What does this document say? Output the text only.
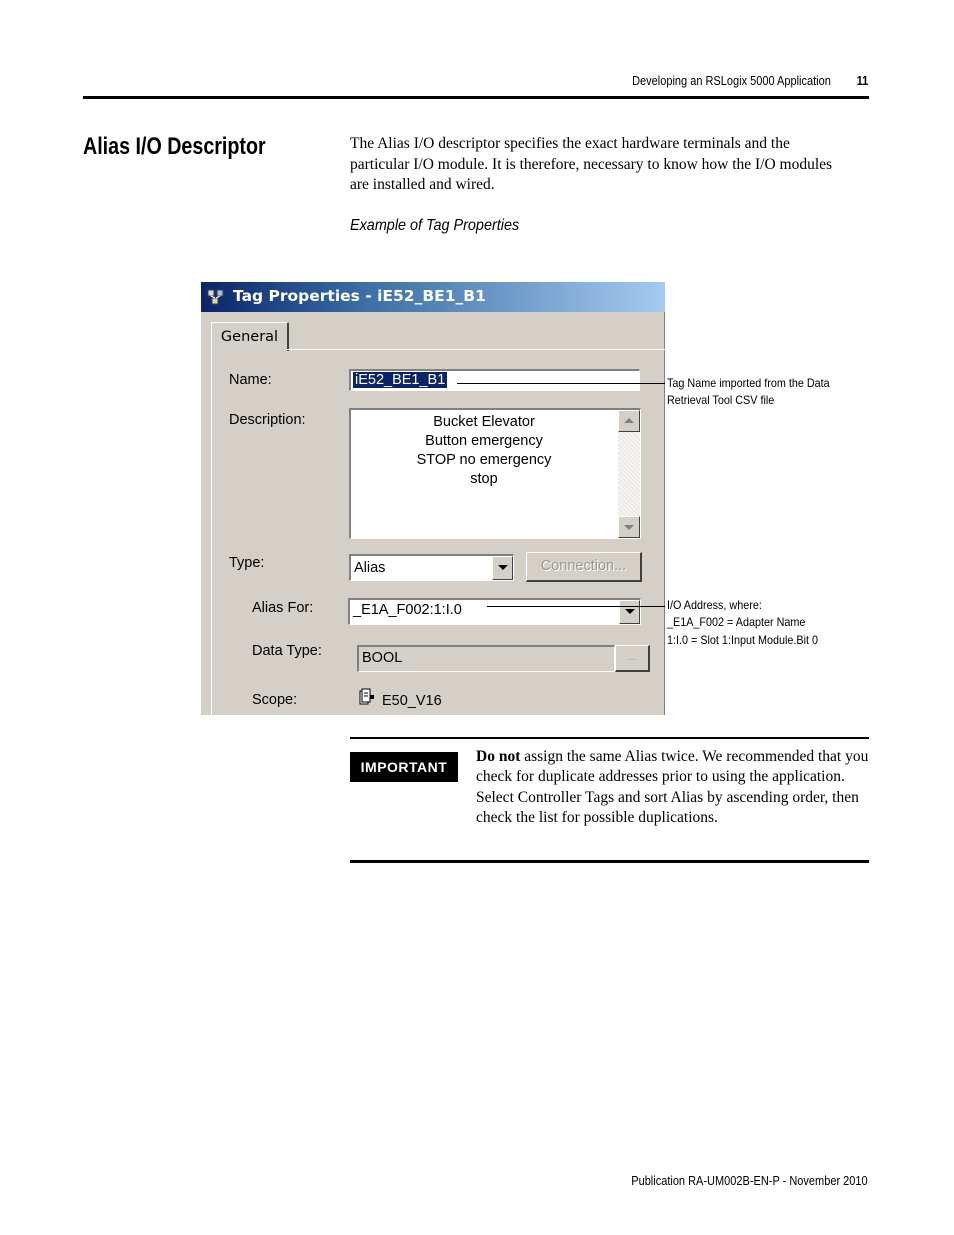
Developing an RSLogix 5000 Application 11
Alias I/O Descriptor	The Alias I/O descriptor specifies the exact hardware terminals and the particular I/O module. It is therefore, necessary to know how the I/O modules are installed and wired.

Example of Tag Properties
Tag Properties - iE52_BE1_B1
General
Name:	iE52_BE1_B1
Description:	Bucket Elevator
Button emergency
STOP no emergency
stop
Type:	Alias	Connection...
Alias For:	_E1A_F002:1:I.0
Data Type:	BOOL	...
Scope:	E50_V16
Tag Name imported from the Data
Retrieval Tool CSV file
I/O Address, where:
_E1A_F002 = Adapter Name
1:I.0 = Slot 1:Input Module.Bit 0
IMPORTANT

Do not assign the same Alias twice. We recommended that you check for duplicate addresses prior to using the application. Select Controller Tags and sort Alias by ascending order, then check the list for possible duplications.

Publication RA-UM002B-EN-P - November 2010
